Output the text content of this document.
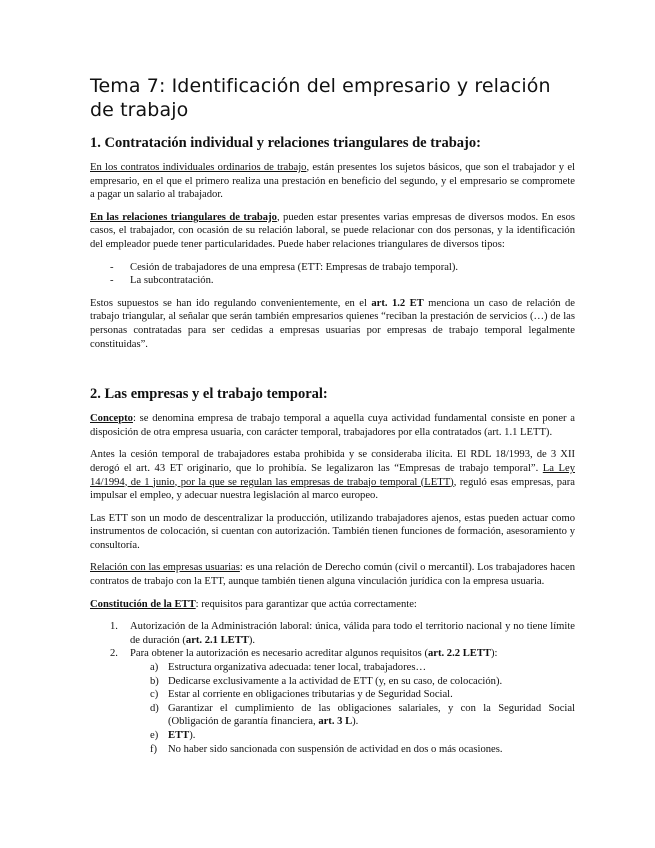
Tema 7: Identificación del empresario y relación de trabajo
1. Contratación individual y relaciones triangulares de trabajo:

En los contratos individuales ordinarios de trabajo, están presentes los sujetos básicos, que son el trabajador y el empresario, en el que el primero realiza una prestación en beneficio del segundo, y el empresario se compromete a pagar un salario al trabajador.

En las relaciones triangulares de trabajo, pueden estar presentes varias empresas de diversos modos. En esos casos, el trabajador, con ocasión de su relación laboral, se puede relacionar con dos personas, y la identificación del empleador puede tener particularidades. Puede haber relaciones triangulares de diversos tipos:

- Cesión de trabajadores de una empresa (ETT: Empresas de trabajo temporal).
- La subcontratación.

Estos supuestos se han ido regulando convenientemente, en el art. 1.2 ET menciona un caso de relación de trabajo triangular, al señalar que serán también empresarios quienes “reciban la prestación de servicios (…) de las personas contratadas para ser cedidas a empresas usuarias por empresas de trabajo temporal legalmente constituidas”.

2. Las empresas y el trabajo temporal:

Concepto: se denomina empresa de trabajo temporal a aquella cuya actividad fundamental consiste en poner a disposición de otra empresa usuaria, con carácter temporal, trabajadores por ella contratados (art. 1.1 LETT).

Antes la cesión temporal de trabajadores estaba prohibida y se consideraba ilícita. El RDL 18/1993, de 3 XII derogó el art. 43 ET originario, que lo prohibía. Se legalizaron las “Empresas de trabajo temporal”. La Ley 14/1994, de 1 junio, por la que se regulan las empresas de trabajo temporal (LETT), reguló esas empresas, para impulsar el empleo, y adecuar nuestra legislación al marco europeo.

Las ETT son un modo de descentralizar la producción, utilizando trabajadores ajenos, estas pueden actuar como instrumentos de colocación, si cuentan con autorización. También tienen funciones de formación, asesoramiento y consultoría.

Relación con las empresas usuarias: es una relación de Derecho común (civil o mercantil). Los trabajadores hacen contratos de trabajo con la ETT, aunque también tienen alguna vinculación jurídica con la empresa usuaria.

Constitución de la ETT: requisitos para garantizar que actúa correctamente:

1. Autorización de la Administración laboral: única, válida para todo el territorio nacional y no tiene límite de duración (art. 2.1 LETT).
2. Para obtener la autorización es necesario acreditar algunos requisitos (art. 2.2 LETT):
a) Estructura organizativa adecuada: tener local, trabajadores…
b) Dedicarse exclusivamente a la actividad de ETT (y, en su caso, de colocación).
c) Estar al corriente en obligaciones tributarias y de Seguridad Social.
d) Garantizar el cumplimiento de las obligaciones salariales, y con la Seguridad Social (Obligación de garantía financiera, art. 3 L).
e) ETT).
f) No haber sido sancionada con suspensión de actividad en dos o más ocasiones.
